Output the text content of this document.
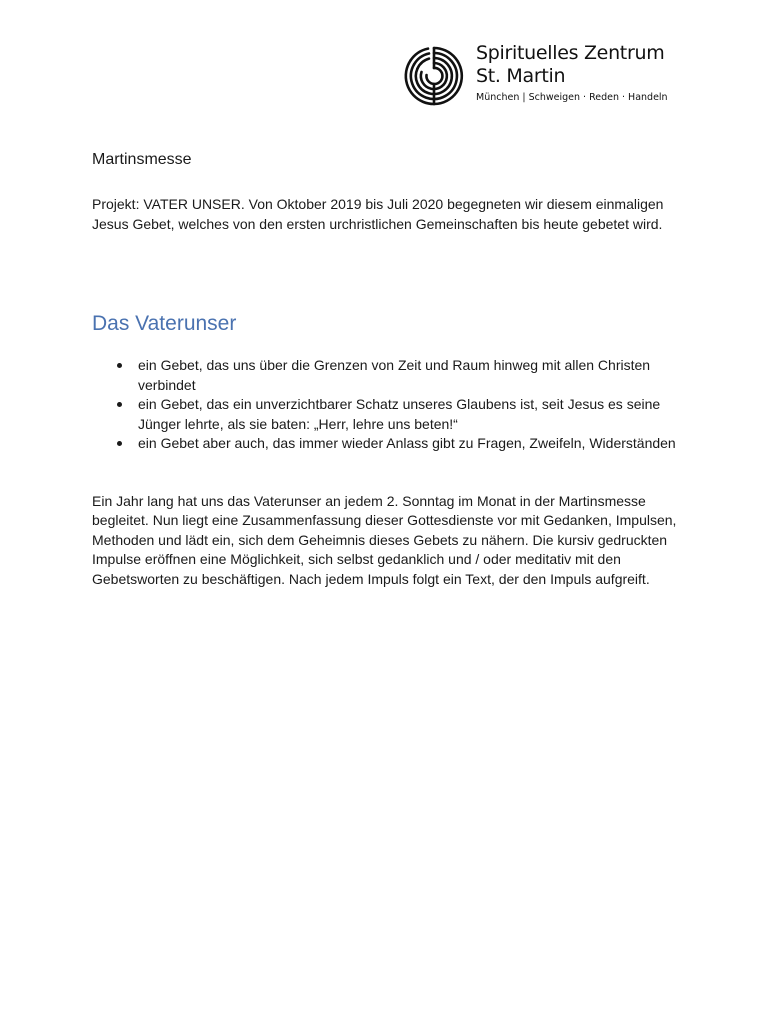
Spirituelles Zentrum
St. Martin
München | Schweigen · Reden · Handeln
Martinsmesse

Projekt: VATER UNSER. Von Oktober 2019 bis Juli 2020 begegneten wir diesem einmaligen Jesus Gebet, welches von den ersten urchristlichen Gemeinschaften bis heute gebetet wird.

Das Vaterunser
ein Gebet, das uns über die Grenzen von Zeit und Raum hinweg mit allen Christen verbindet
ein Gebet, das ein unverzichtbarer Schatz unseres Glaubens ist, seit Jesus es seine Jünger lehrte, als sie baten: „Herr, lehre uns beten!“
ein Gebet aber auch, das immer wieder Anlass gibt zu Fragen, Zweifeln, Widerständen

Ein Jahr lang hat uns das Vaterunser an jedem 2. Sonntag im Monat in der Martinsmesse begleitet. Nun liegt eine Zusammenfassung dieser Gottesdienste vor mit Gedanken, Impulsen, Methoden und lädt ein, sich dem Geheimnis dieses Gebets zu nähern. Die kursiv gedruckten Impulse eröffnen eine Möglichkeit, sich selbst gedanklich und / oder meditativ mit den Gebetsworten zu beschäftigen. Nach jedem Impuls folgt ein Text, der den Impuls aufgreift.
